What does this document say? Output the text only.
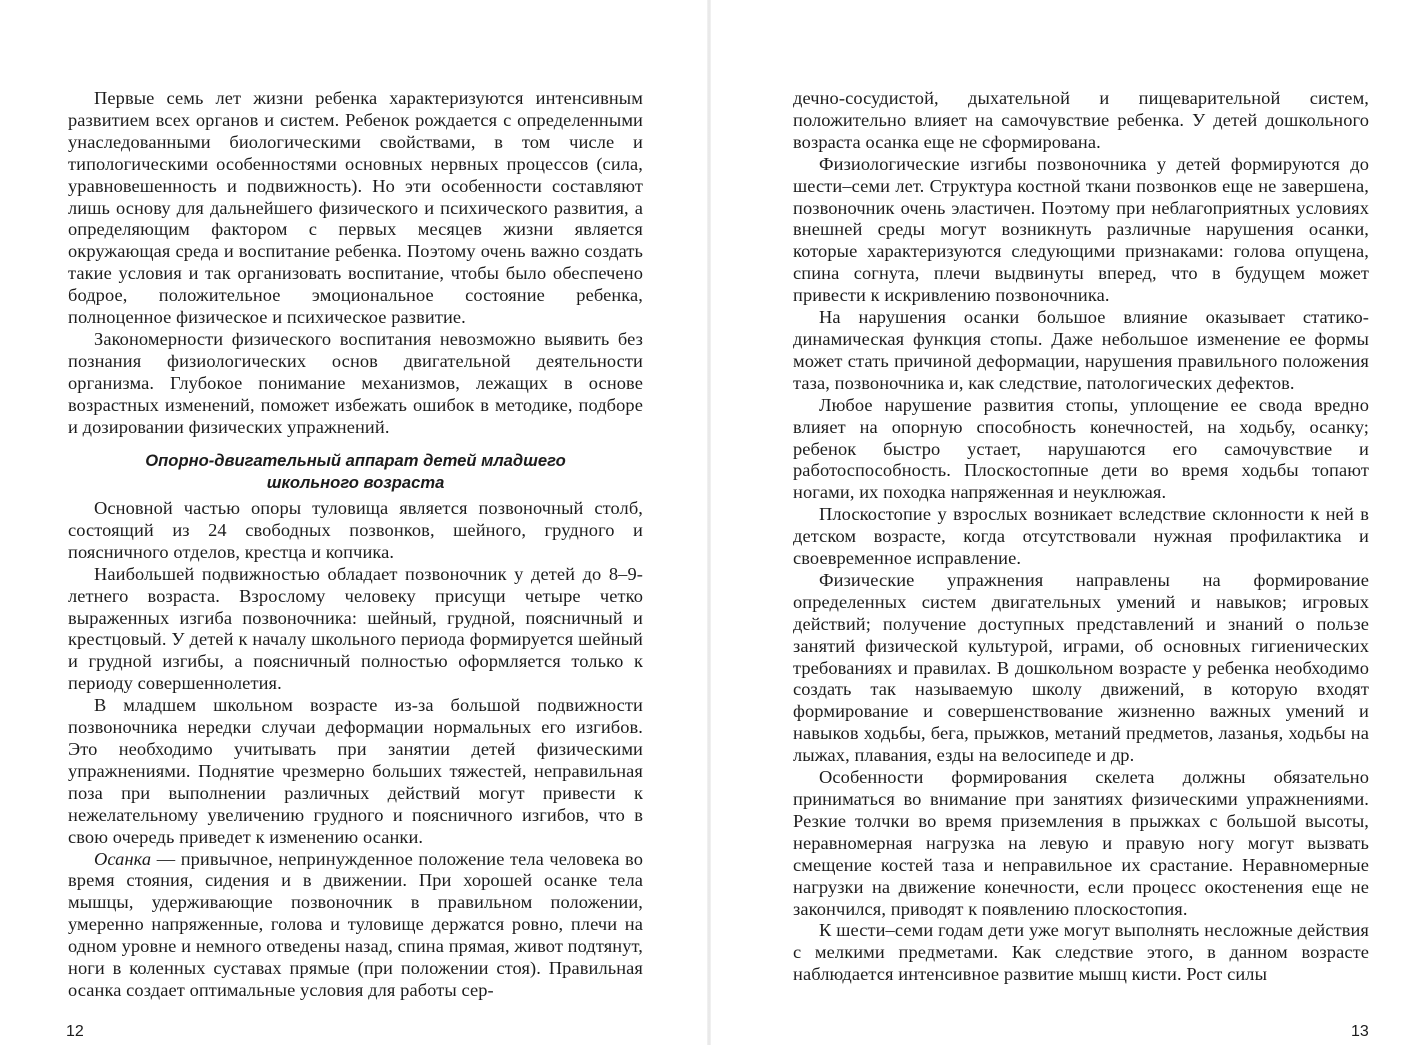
Первые семь лет жизни ребенка характеризуются интенсивным развитием всех органов и систем. Ребенок рождается с определенными унаследованными биологическими свойствами, в том числе и типологическими особенностями основных нервных процессов (сила, уравновешенность и подвижность). Но эти особенности составляют лишь основу для дальнейшего физического и психического развития, а определяющим фактором с первых месяцев жизни является окружающая среда и воспитание ребенка. Поэтому очень важно создать такие условия и так организовать воспитание, чтобы было обеспечено бодрое, положительное эмоциональное состояние ребенка, полноценное физическое и психическое развитие.

Закономерности физического воспитания невозможно выявить без познания физиологических основ двигательной деятельности организма. Глубокое понимание механизмов, лежащих в основе возрастных изменений, поможет избежать ошибок в методике, подборе и дозировании физических упражнений.

Опорно-двигательный аппарат детей младшего
школьного возраста

Основной частью опоры туловища является позвоночный столб, состоящий из 24 свободных позвонков, шейного, грудного и поясничного отделов, крестца и копчика.

Наибольшей подвижностью обладает позвоночник у детей до 8–9-летнего возраста. Взрослому человеку присущи четыре четко выраженных изгиба позвоночника: шейный, грудной, поясничный и крестцовый. У детей к началу школьного периода формируется шейный и грудной изгибы, а поясничный полностью оформляется только к периоду совершеннолетия.

В младшем школьном возрасте из-за большой подвижности позвоночника нередки случаи деформации нормальных его изгибов. Это необходимо учитывать при занятии детей физическими упражнениями. Поднятие чрезмерно больших тяжестей, неправильная поза при выполнении различных действий могут привести к нежелательному увеличению грудного и поясничного изгибов, что в свою очередь приведет к изменению осанки.

Осанка — привычное, непринужденное положение тела человека во время стояния, сидения и в движении. При хорошей осанке тела мышцы, удерживающие позвоночник в правильном положении, умеренно напряженные, голова и туловище держатся ровно, плечи на одном уровне и немного отведены назад, спина прямая, живот подтянут, ноги в коленных суставах прямые (при положении стоя). Правильная осанка создает оптимальные условия для работы сер-

12

дечно-сосудистой, дыхательной и пищеварительной систем, положительно влияет на самочувствие ребенка. У детей дошкольного возраста осанка еще не сформирована.

Физиологические изгибы позвоночника у детей формируются до шести–семи лет. Структура костной ткани позвонков еще не завершена, позвоночник очень эластичен. Поэтому при неблагоприятных условиях внешней среды могут возникнуть различные нарушения осанки, которые характеризуются следующими признаками: голова опущена, спина согнута, плечи выдвинуты вперед, что в будущем может привести к искривлению позвоночника.

На нарушения осанки большое влияние оказывает статико-динамическая функция стопы. Даже небольшое изменение ее формы может стать причиной деформации, нарушения правильного положения таза, позвоночника и, как следствие, патологических дефектов.

Любое нарушение развития стопы, уплощение ее свода вредно влияет на опорную способность конечностей, на ходьбу, осанку; ребенок быстро устает, нарушаются его самочувствие и работоспособность. Плоскостопные дети во время ходьбы топают ногами, их походка напряженная и неуклюжая.

Плоскостопие у взрослых возникает вследствие склонности к ней в детском возрасте, когда отсутствовали нужная профилактика и своевременное исправление.

Физические упражнения направлены на формирование определенных систем двигательных умений и навыков; игровых действий; получение доступных представлений и знаний о пользе занятий физической культурой, играми, об основных гигиенических требованиях и правилах. В дошкольном возрасте у ребенка необходимо создать так называемую школу движений, в которую входят формирование и совершенствование жизненно важных умений и навыков ходьбы, бега, прыжков, метаний предметов, лазанья, ходьбы на лыжах, плавания, езды на велосипеде и др.

Особенности формирования скелета должны обязательно приниматься во внимание при занятиях физическими упражнениями. Резкие толчки во время приземления в прыжках с большой высоты, неравномерная нагрузка на левую и правую ногу могут вызвать смещение костей таза и неправильное их срастание. Неравномерные нагрузки на движение конечности, если процесс окостенения еще не закончился, приводят к появлению плоскостопия.

К шести–семи годам дети уже могут выполнять несложные действия с мелкими предметами. Как следствие этого, в данном возрасте наблюдается интенсивное развитие мышц кисти. Рост силы

13
